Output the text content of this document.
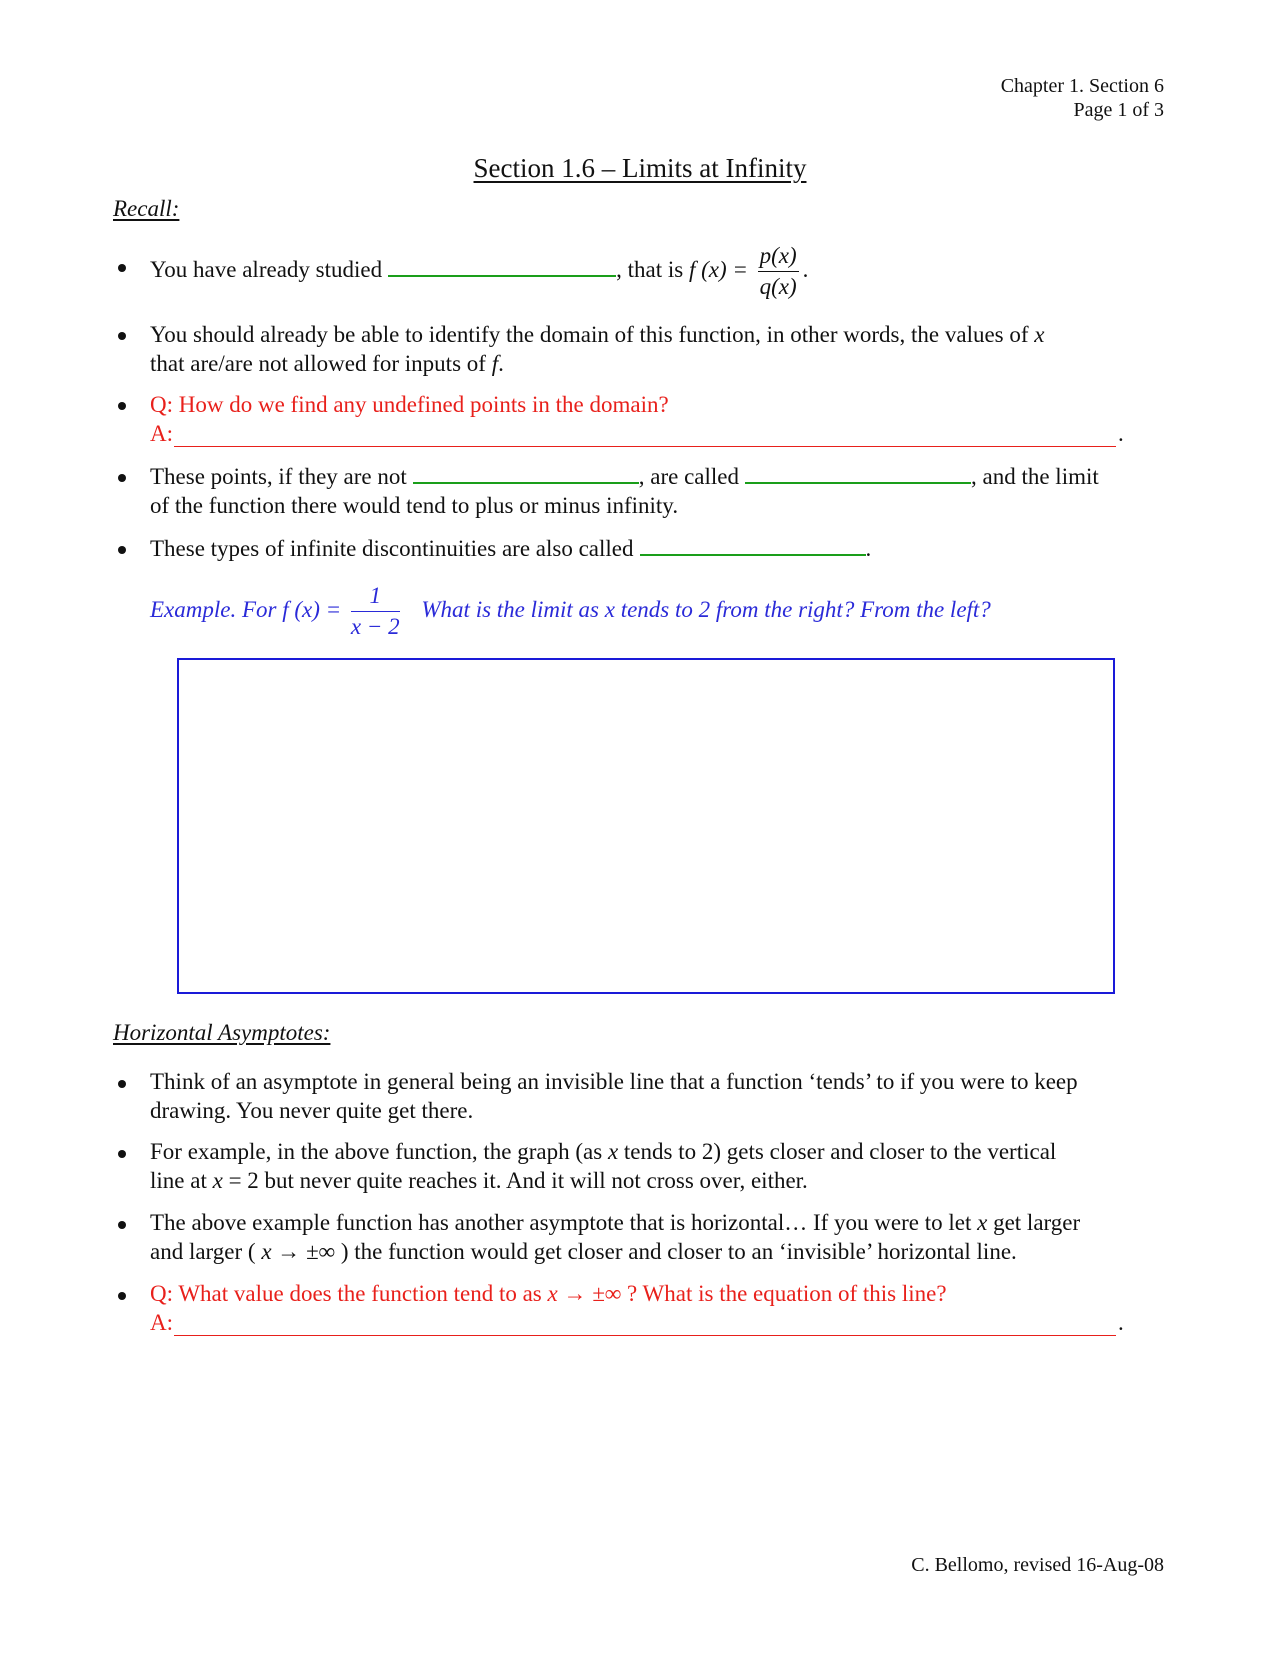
Chapter 1. Section 6
Page 1 of 3
Section 1.6 – Limits at Infinity
Recall:
You have already studied	, that is f $(x) = \frac{p(x)}{q(x)}$ .
You should already be able to identify the domain of this function, in other words, the values of x
that are/are not allowed for inputs of f.
Q: How do we find any undefined points in the domain?
A:	.
These points, if they are not	, are called	, and the limit
of the function there would tend to plus or minus infinity.
These types of infinite discontinuities are also called	.
Example. For f $(x) = \frac{1}{x - 2}$ What is the limit as x tends to 2 from the right? From the left?
Horizontal Asymptotes:
Think of an asymptote in general being an invisible line that a function ‘tends’ to if you were to keep
drawing. You never quite get there.
For example, in the above function, the graph (as x tends to 2) gets closer and closer to the vertical
line at x = 2 but never quite reaches it. And it will not cross over, either.
The above example function has another asymptote that is horizontal… If you were to let x get larger
and larger ( x → ±∞ ) the function would get closer and closer to an ‘invisible’ horizontal line.
Q: What value does the function tend to as x → ±∞ ? What is the equation of this line?
A:	.
C. Bellomo, revised 16-Aug-08
